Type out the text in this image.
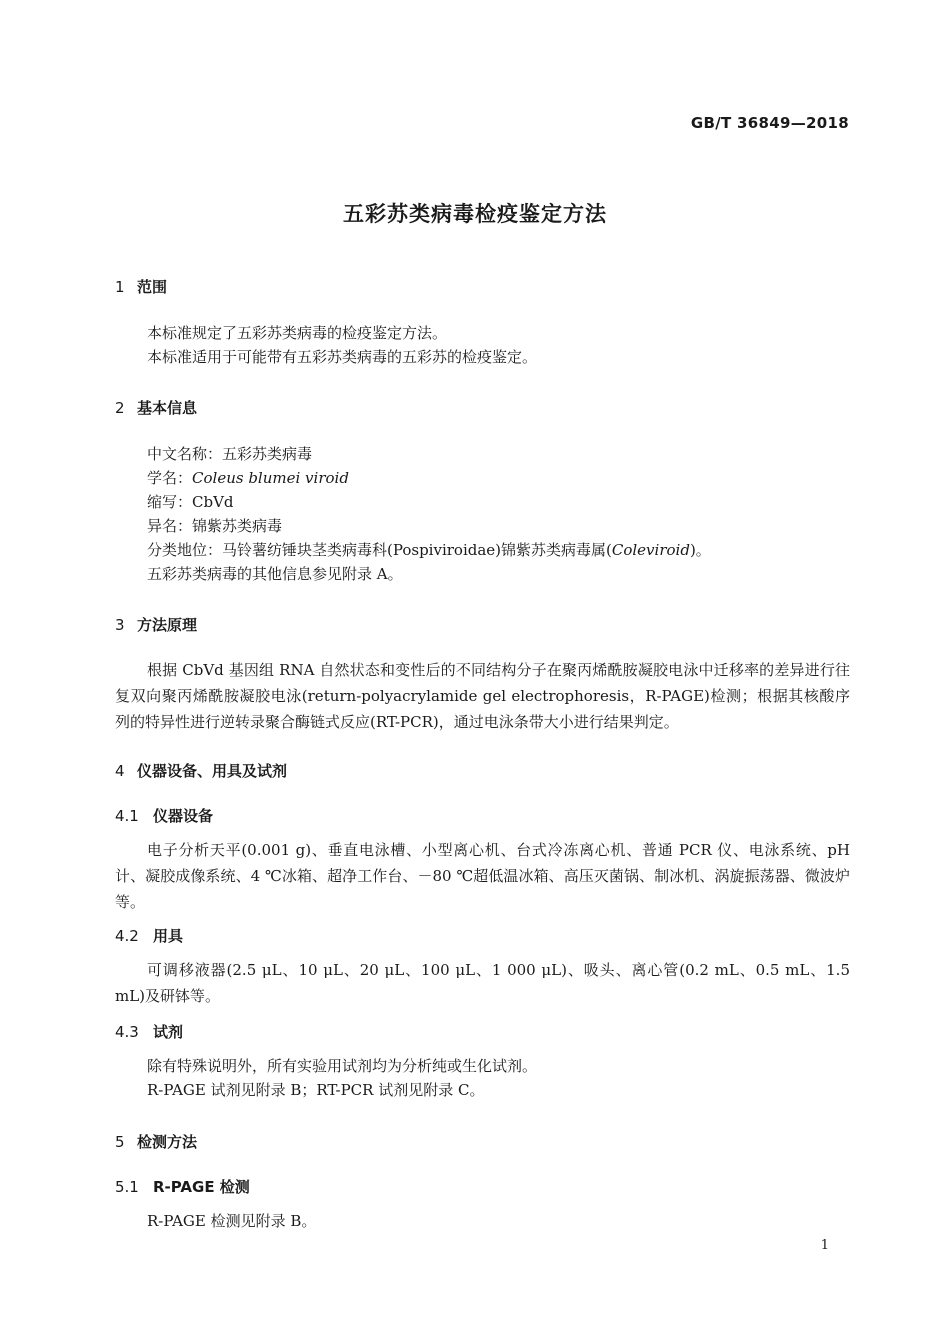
GB/T 36849—2018
五彩苏类病毒检疫鉴定方法
1 范围
本标准规定了五彩苏类病毒的检疫鉴定方法。
本标准适用于可能带有五彩苏类病毒的五彩苏的检疫鉴定。
2 基本信息
中文名称：五彩苏类病毒
学名：Coleus blumei viroid
缩写：CbVd
异名：锦紫苏类病毒
分类地位：马铃薯纺锤块茎类病毒科(Pospiviroidae)锦紫苏类病毒属(Coleviroid)。
五彩苏类病毒的其他信息参见附录 A。
3 方法原理
根据 CbVd 基因组 RNA 自然状态和变性后的不同结构分子在聚丙烯酰胺凝胶电泳中迁移率的差异进行往复双向聚丙烯酰胺凝胶电泳(return-polyacrylamide gel electrophoresis，R-PAGE)检测；根据其核酸序列的特异性进行逆转录聚合酶链式反应(RT-PCR)，通过电泳条带大小进行结果判定。
4 仪器设备、用具及试剂
4.1 仪器设备
电子分析天平(0.001 g)、垂直电泳槽、小型离心机、台式冷冻离心机、普通 PCR 仪、电泳系统、pH 计、凝胶成像系统、4 ℃冰箱、超净工作台、－80 ℃超低温冰箱、高压灭菌锅、制冰机、涡旋振荡器、微波炉等。
4.2 用具
可调移液器(2.5 μL、10 μL、20 μL、100 μL、1 000 μL)、吸头、离心管(0.2 mL、0.5 mL、1.5 mL)及研钵等。
4.3 试剂
除有特殊说明外，所有实验用试剂均为分析纯或生化试剂。
R-PAGE 试剂见附录 B；RT-PCR 试剂见附录 C。
5 检测方法
5.1 R-PAGE 检测
R-PAGE 检测见附录 B。
1
